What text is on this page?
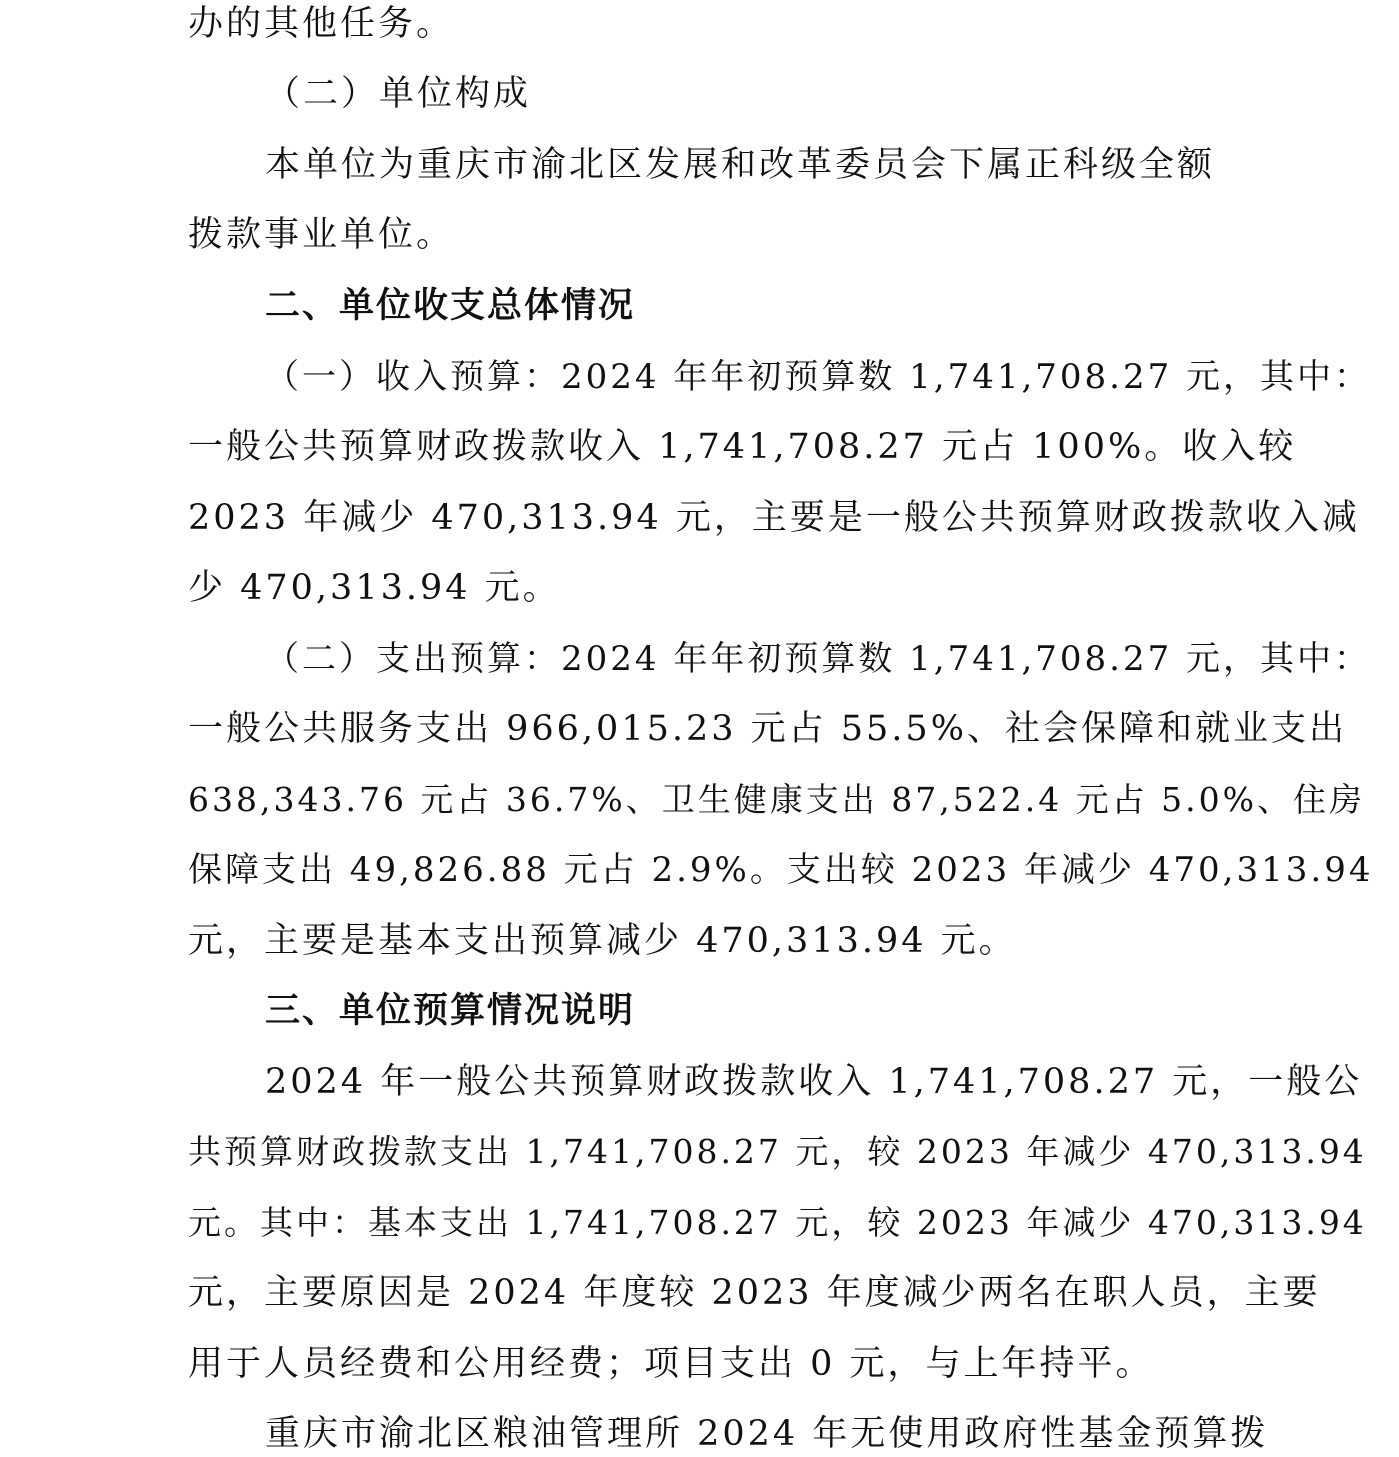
办的其他任务。
（二）单位构成
本单位为重庆市渝北区发展和改革委员会下属正科级全额
拨款事业单位。
二、单位收支总体情况
（一）收入预算：2024 年年初预算数 1,741,708.27 元，其中：
一般公共预算财政拨款收入 1,741,708.27 元占 100%。收入较
2023 年减少 470,313.94 元，主要是一般公共预算财政拨款收入减
少 470,313.94 元。
（二）支出预算：2024 年年初预算数 1,741,708.27 元，其中：
一般公共服务支出 966,015.23 元占 55.5%、社会保障和就业支出
638,343.76 元占 36.7%、卫生健康支出 87,522.4 元占 5.0%、住房
保障支出 49,826.88 元占 2.9%。支出较 2023 年减少 470,313.94
元，主要是基本支出预算减少 470,313.94 元。
三、单位预算情况说明
2024 年一般公共预算财政拨款收入 1,741,708.27 元，一般公
共预算财政拨款支出 1,741,708.27 元，较 2023 年减少 470,313.94
元。其中：基本支出 1,741,708.27 元，较 2023 年减少 470,313.94
元，主要原因是 2024 年度较 2023 年度减少两名在职人员，主要
用于人员经费和公用经费；项目支出 0 元，与上年持平。
重庆市渝北区粮油管理所 2024 年无使用政府性基金预算拨
